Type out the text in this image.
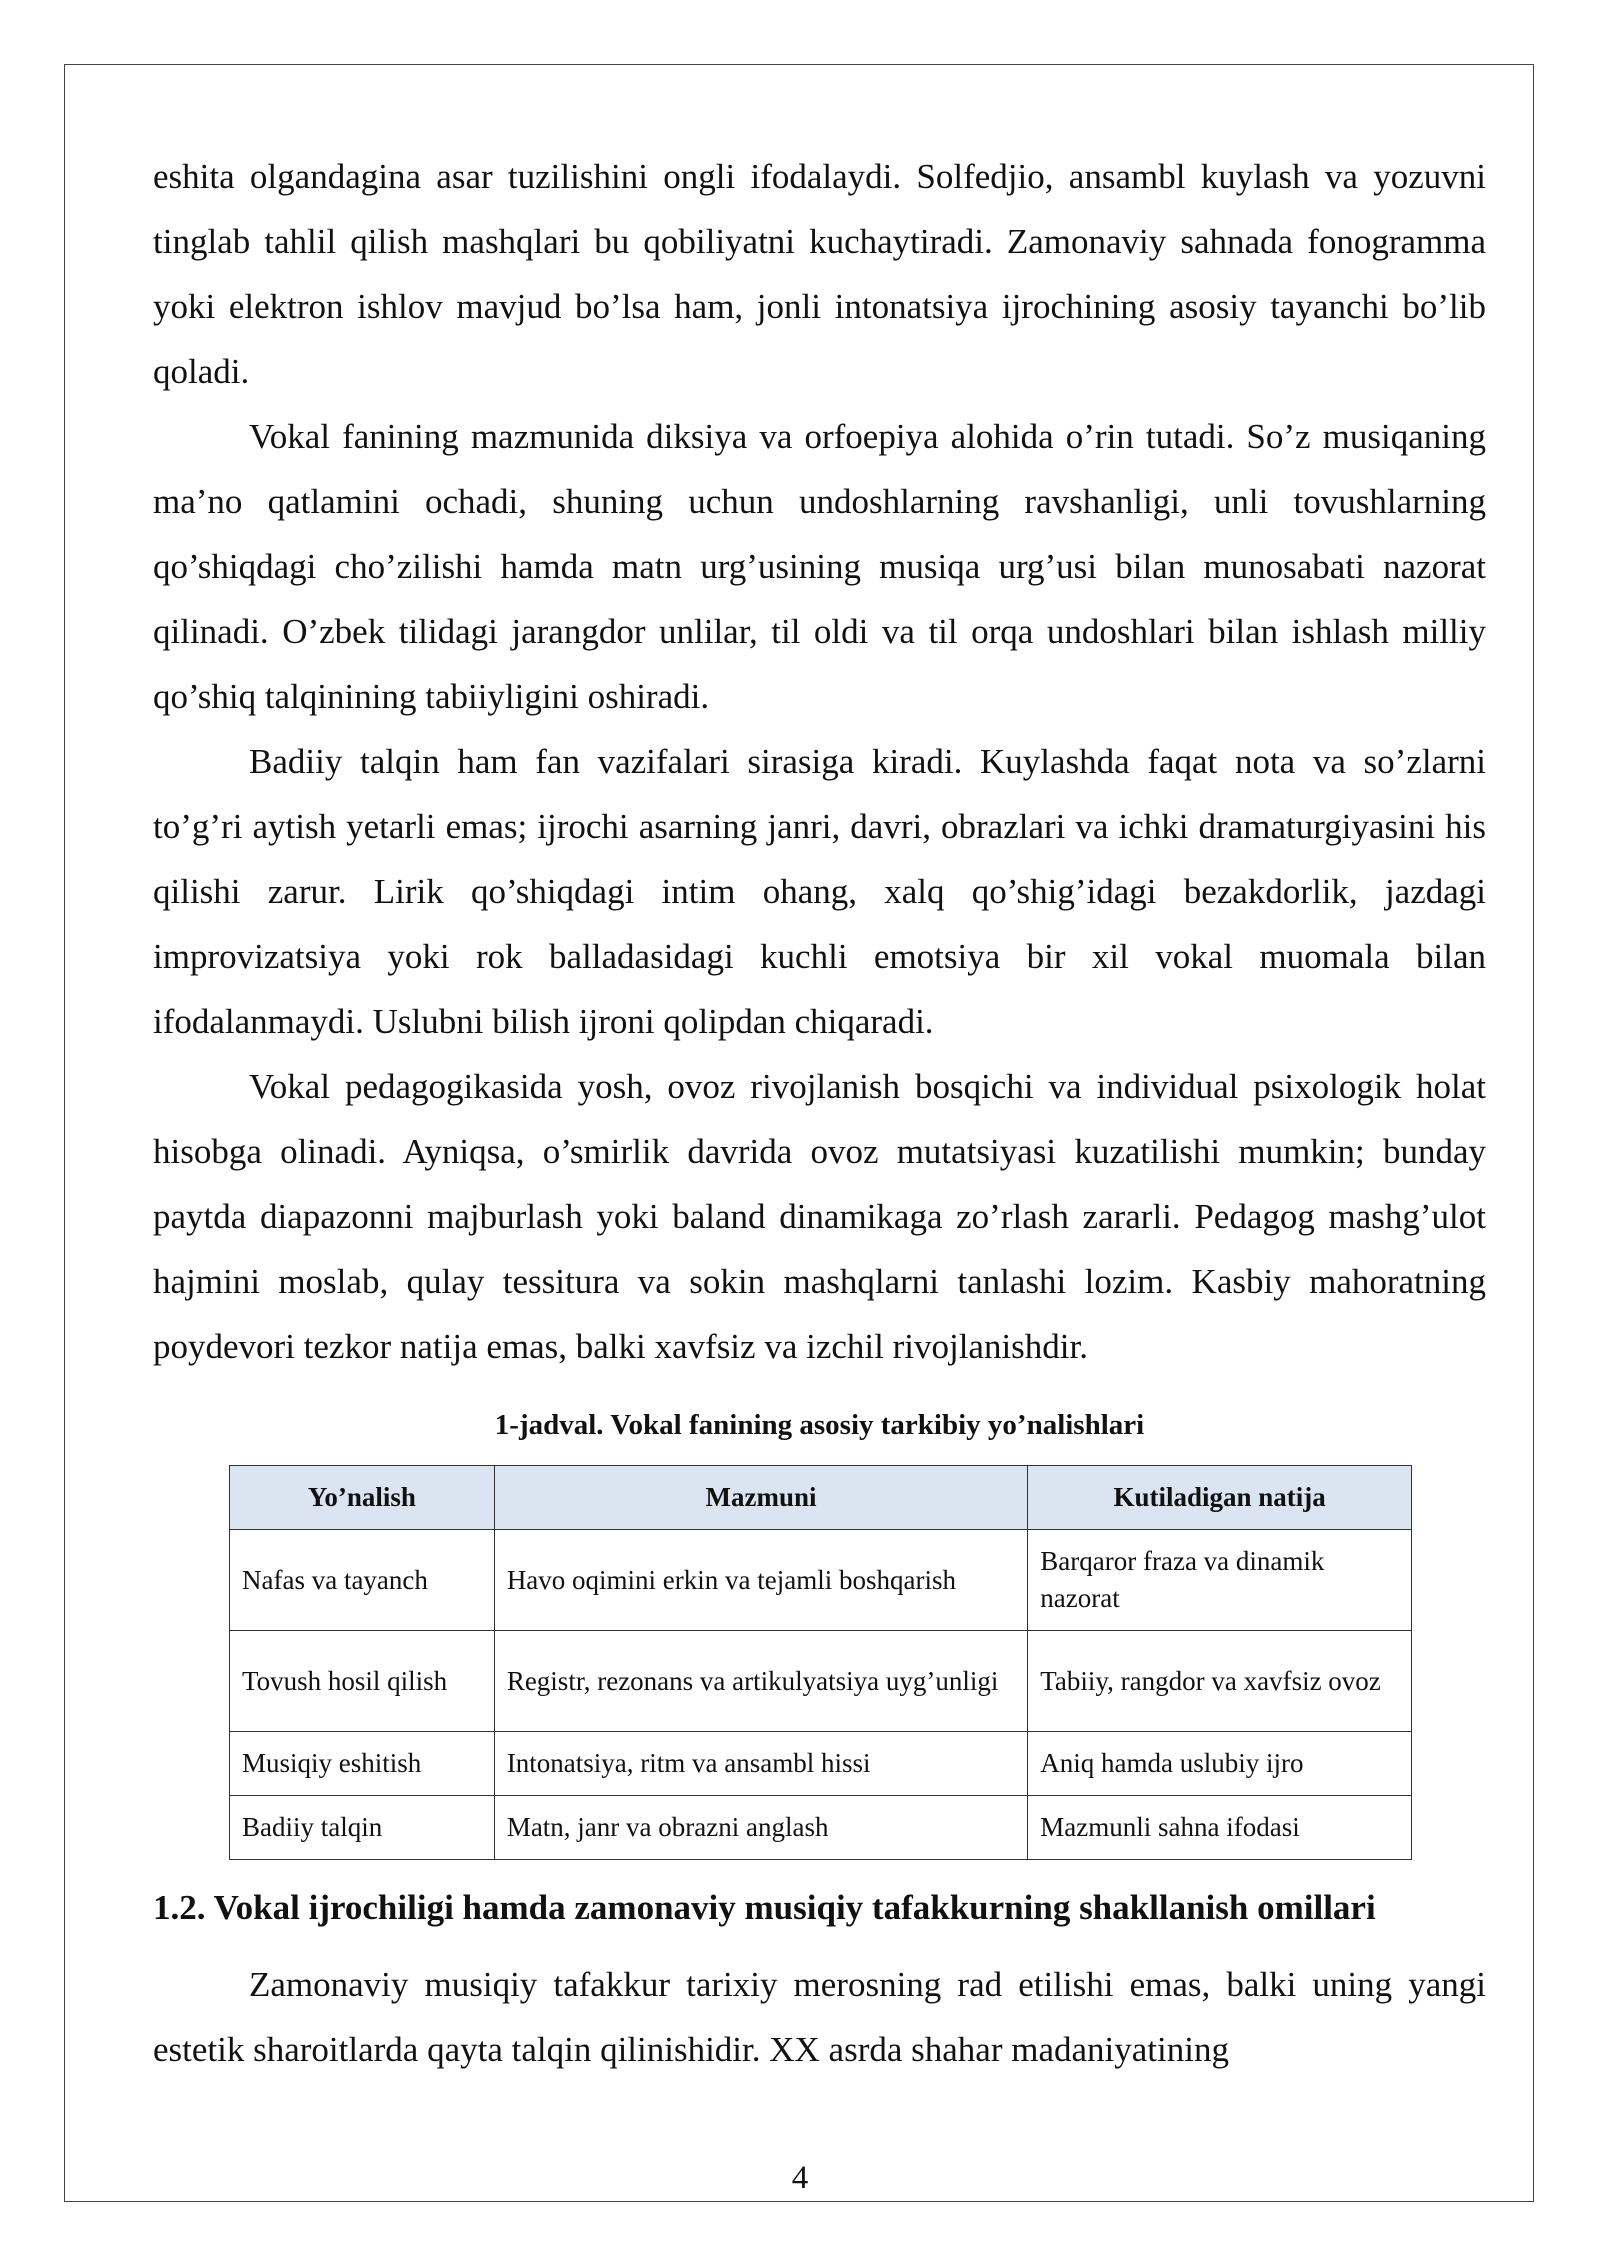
eshita olgandagina asar tuzilishini ongli ifodalaydi. Solfedjio, ansambl kuylash va yozuvni tinglab tahlil qilish mashqlari bu qobiliyatni kuchaytiradi. Zamonaviy sahnada fonogramma yoki elektron ishlov mavjud bo’lsa ham, jonli intonatsiya ijrochining asosiy tayanchi bo’lib qoladi.

Vokal fanining mazmunida diksiya va orfoepiya alohida o’rin tutadi. So’z musiqaning ma’no qatlamini ochadi, shuning uchun undoshlarning ravshanligi, unli tovushlarning qo’shiqdagi cho’zilishi hamda matn urg’usining musiqa urg’usi bilan munosabati nazorat qilinadi. O’zbek tilidagi jarangdor unlilar, til oldi va til orqa undoshlari bilan ishlash milliy qo’shiq talqinining tabiiyligini oshiradi.

Badiiy talqin ham fan vazifalari sirasiga kiradi. Kuylashda faqat nota va so’zlarni to’g’ri aytish yetarli emas; ijrochi asarning janri, davri, obrazlari va ichki dramaturgiyasini his qilishi zarur. Lirik qo’shiqdagi intim ohang, xalq qo’shig’idagi bezakdorlik, jazdagi improvizatsiya yoki rok balladasidagi kuchli emotsiya bir xil vokal muomala bilan ifodalanmaydi. Uslubni bilish ijroni qolipdan chiqaradi.

Vokal pedagogikasida yosh, ovoz rivojlanish bosqichi va individual psixologik holat hisobga olinadi. Ayniqsa, o’smirlik davrida ovoz mutatsiyasi kuzatilishi mumkin; bunday paytda diapazonni majburlash yoki baland dinamikaga zo’rlash zararli. Pedagog mashg’ulot hajmini moslab, qulay tessitura va sokin mashqlarni tanlashi lozim. Kasbiy mahoratning poydevori tezkor natija emas, balki xavfsiz va izchil rivojlanishdir.

1-jadval. Vokal fanining asosiy tarkibiy yo’nalishlari
Yo’nalish	Mazmuni	Kutiladigan natija
Nafas va tayanch	Havo oqimini erkin va tejamli boshqarish	Barqaror fraza va dinamik nazorat
Tovush hosil qilish	Registr, rezonans va artikulyatsiya uyg’unligi	Tabiiy, rangdor va xavfsiz ovoz
Musiqiy eshitish	Intonatsiya, ritm va ansambl hissi	Aniq hamda uslubiy ijro
Badiiy talqin	Matn, janr va obrazni anglash	Mazmunli sahna ifodasi
1.2. Vokal ijrochiligi hamda zamonaviy musiqiy tafakkurning shakllanish omillari

Zamonaviy musiqiy tafakkur tarixiy merosning rad etilishi emas, balki uning yangi estetik sharoitlarda qayta talqin qilinishidir. XX asrda shahar madaniyatining

4
